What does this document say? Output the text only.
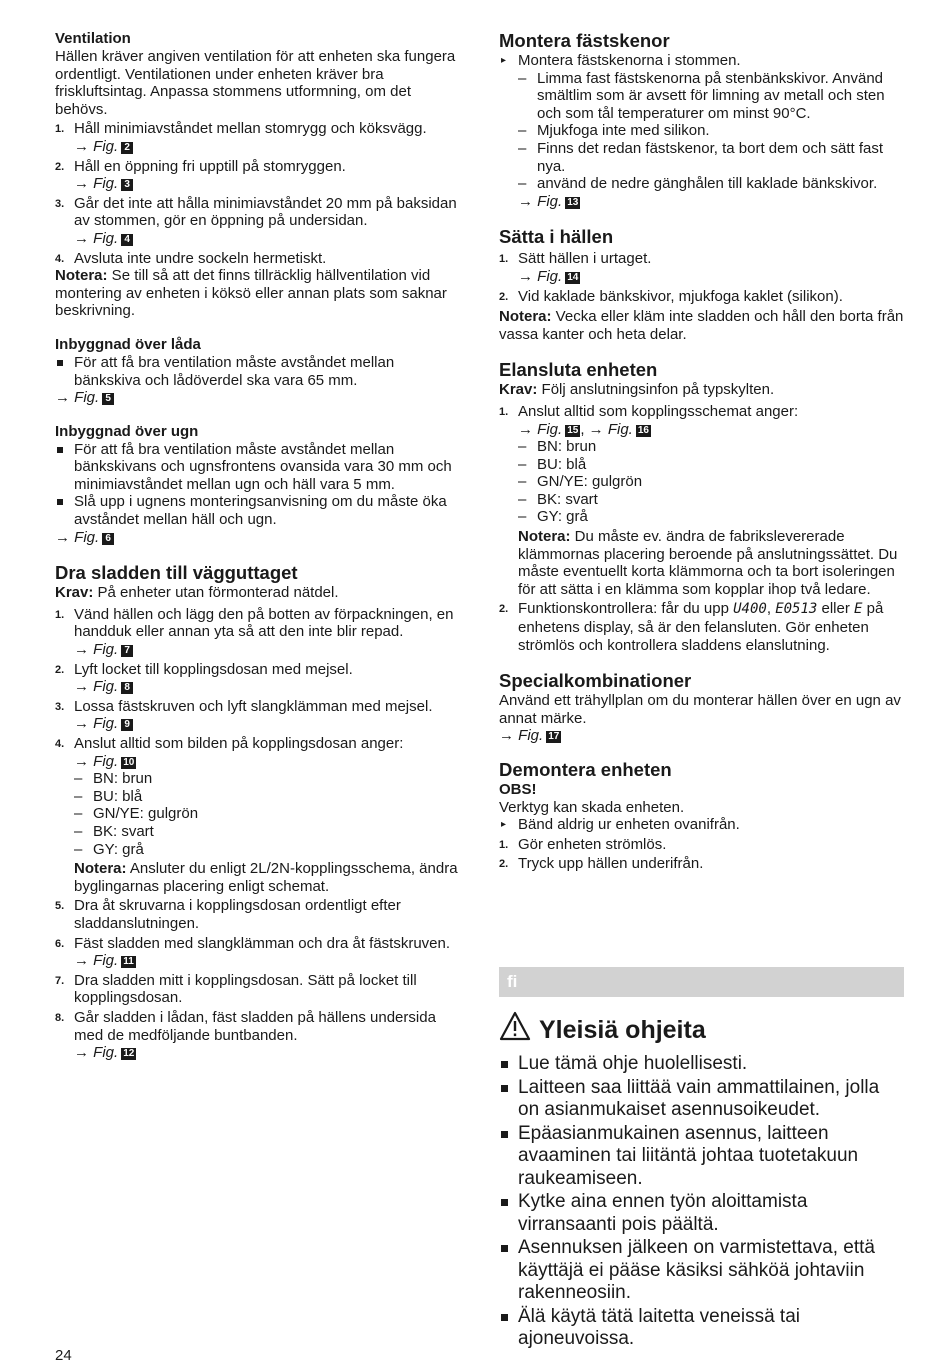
Ventilation
Hällen kräver angiven ventilation för att enheten ska fungera ordentligt. Ventilationen under enheten kräver bra friskluftsintag. Anpassa stommens utformning, om det behövs.
1. Håll minimiavståndet mellan stomrygg och köksvägg.
→ Fig. 2
2. Håll en öppning fri upptill på stomryggen.
→ Fig. 3
3. Går det inte att hålla minimiavståndet 20 mm på baksidan av stommen, gör en öppning på undersidan.
→ Fig. 4
4. Avsluta inte undre sockeln hermetiskt.
Notera: Se till så att det finns tillräcklig hällventilation vid montering av enheten i köksö eller annan plats som saknar beskrivning.
Inbyggnad över låda
För att få bra ventilation måste avståndet mellan bänkskiva och lådöverdel ska vara 65 mm.
→ Fig. 5
Inbyggnad över ugn
För att få bra ventilation måste avståndet mellan bänkskivans och ugnsfrontens ovansida vara 30 mm och minimiavståndet mellan ugn och häll vara 5 mm.
Slå upp i ugnens monteringsanvisning om du måste öka avståndet mellan häll och ugn.
→ Fig. 6
Dra sladden till vägguttaget
Krav: På enheter utan förmonterad nätdel.
1. Vänd hällen och lägg den på botten av förpackningen, en handduk eller annan yta så att den inte blir repad.
→ Fig. 7
2. Lyft locket till kopplingsdosan med mejsel.
→ Fig. 8
3. Lossa fästskruven och lyft slangklämman med mejsel.
→ Fig. 9
4. Anslut alltid som bilden på kopplingsdosan anger:
→ Fig. 10
– BN: brun
– BU: blå
– GN/YE: gulgrön
– BK: svart
– GY: grå
Notera: Ansluter du enligt 2L/2N-kopplingsschema, ändra byglingarnas placering enligt schemat.
5. Dra åt skruvarna i kopplingsdosan ordentligt efter sladdanslutningen.
6. Fäst sladden med slangklämman och dra åt fästskruven.
→ Fig. 11
7. Dra sladden mitt i kopplingsdosan. Sätt på locket till kopplingsdosan.
8. Går sladden i lådan, fäst sladden på hällens undersida med de medföljande buntbanden.
→ Fig. 12
Montera fästskenor
▸ Montera fästskenorna i stommen.
– Limma fast fästskenorna på stenbänkskivor. Använd smältlim som är avsett för limning av metall och sten och som tål temperaturer om minst 90°C.
– Mjukfoga inte med silikon.
– Finns det redan fästskenor, ta bort dem och sätt fast nya.
– använd de nedre gänghålen till kaklade bänkskivor.
→ Fig. 13
Sätta i hällen
1. Sätt hällen i urtaget.
→ Fig. 14
2. Vid kaklade bänkskivor, mjukfoga kaklet (silikon).
Notera: Vecka eller kläm inte sladden och håll den borta från vassa kanter och heta delar.
Elansluta enheten
Krav: Följ anslutningsinfon på typskylten.
1. Anslut alltid som kopplingsschemat anger:
→ Fig. 15 , → Fig. 16
– BN: brun
– BU: blå
– GN/YE: gulgrön
– BK: svart
– GY: grå
Notera: Du måste ev. ändra de fabrikslevererade klämmornas placering beroende på anslutningssättet. Du måste eventuellt korta klämmorna och ta bort isoleringen för att sätta i en klämma som kopplar ihop två ledare.
2. Funktionskontrollera: får du upp U400, E0513 eller E på enhetens display, så är den felansluten. Gör enheten strömlös och kontrollera sladdens elanslutning.
Specialkombinationer
Använd ett trähyllplan om du monterar hällen över en ugn av annat märke.
→ Fig. 17
Demontera enheten
OBS!
Verktyg kan skada enheten.
▸ Bänd aldrig ur enheten ovanifrån.
1. Gör enheten strömlös.
2. Tryck upp hällen underifrån.
fi
Yleisiä ohjeita
Lue tämä ohje huolellisesti.
Laitteen saa liittää vain ammattilainen, jolla on asianmukaiset asennusoikeudet.
Epäasianmukainen asennus, laitteen avaaminen tai liitäntä johtaa tuotetakuun raukeamiseen.
Kytke aina ennen työn aloittamista virransaanti pois päältä.
Asennuksen jälkeen on varmistettava, että käyttäjä ei pääse käsiksi sähköä johtaviin rakenneosiin.
Älä käytä tätä laitetta veneissä tai ajoneuvoissa.
24
